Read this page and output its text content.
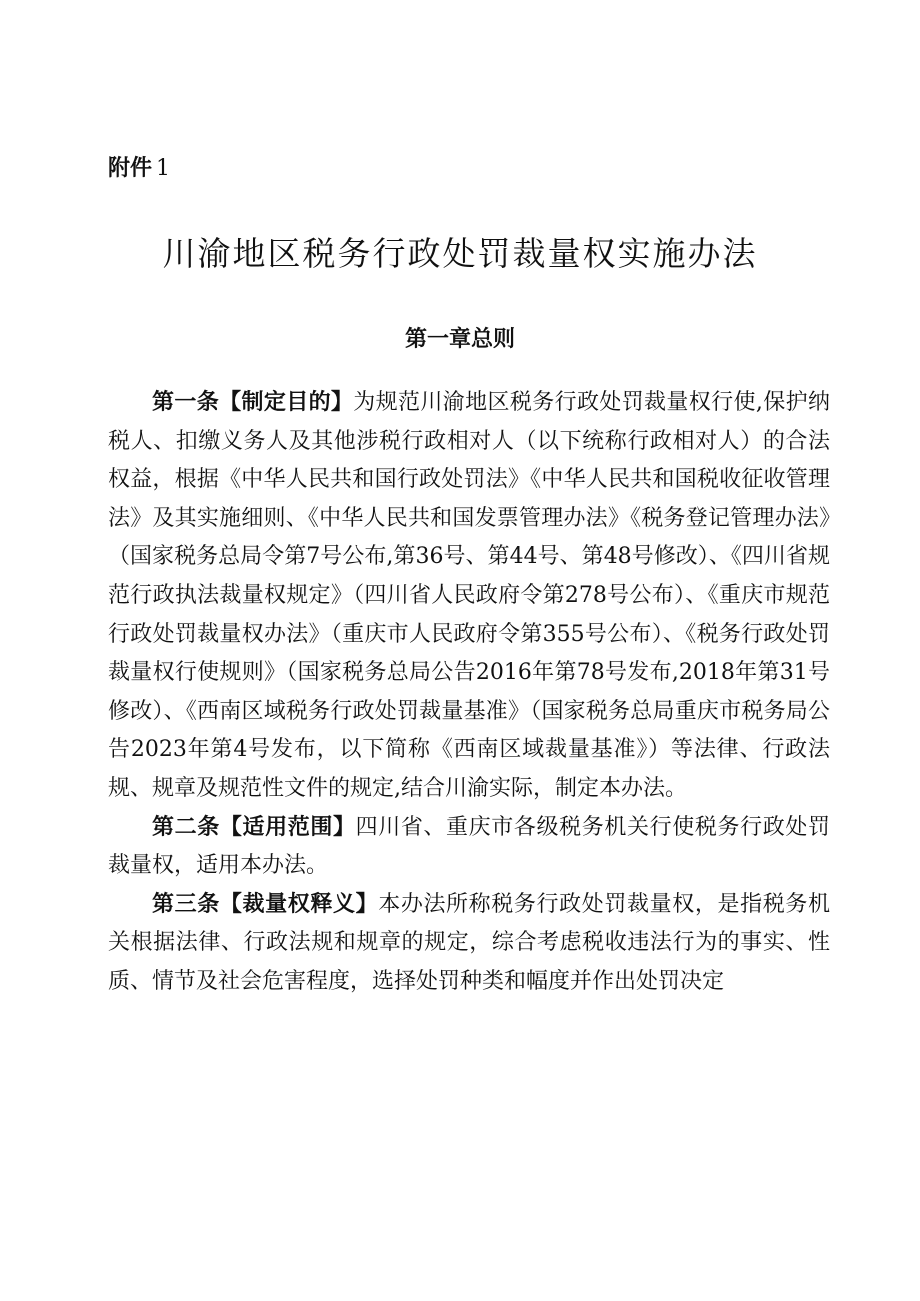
附件 1
川渝地区税务行政处罚裁量权实施办法
第一章总则

第一条【制定目的】为规范川渝地区税务行政处罚裁量权行使,保护纳税人、扣缴义务人及其他涉税行政相对人（以下统称行政相对人）的合法权益，根据《中华人民共和国行政处罚法》《中华人民共和国税收征收管理法》及其实施细则、《中华人民共和国发票管理办法》《税务登记管理办法》（国家税务总局令第7号公布,第36号、第44号、第48号修改）、《四川省规范行政执法裁量权规定》（四川省人民政府令第278号公布）、《重庆市规范行政处罚裁量权办法》（重庆市人民政府令第355号公布）、《税务行政处罚裁量权行使规则》（国家税务总局公告2016年第78号发布,2018年第31号修改）、《西南区域税务行政处罚裁量基准》（国家税务总局重庆市税务局公告2023年第4号发布，以下简称《西南区域裁量基准》）等法律、行政法规、规章及规范性文件的规定,结合川渝实际，制定本办法。

第二条【适用范围】四川省、重庆市各级税务机关行使税务行政处罚裁量权，适用本办法。

第三条【裁量权释义】本办法所称税务行政处罚裁量权，是指税务机关根据法律、行政法规和规章的规定，综合考虑税收违法行为的事实、性质、情节及社会危害程度，选择处罚种类和幅度并作出处罚决定
